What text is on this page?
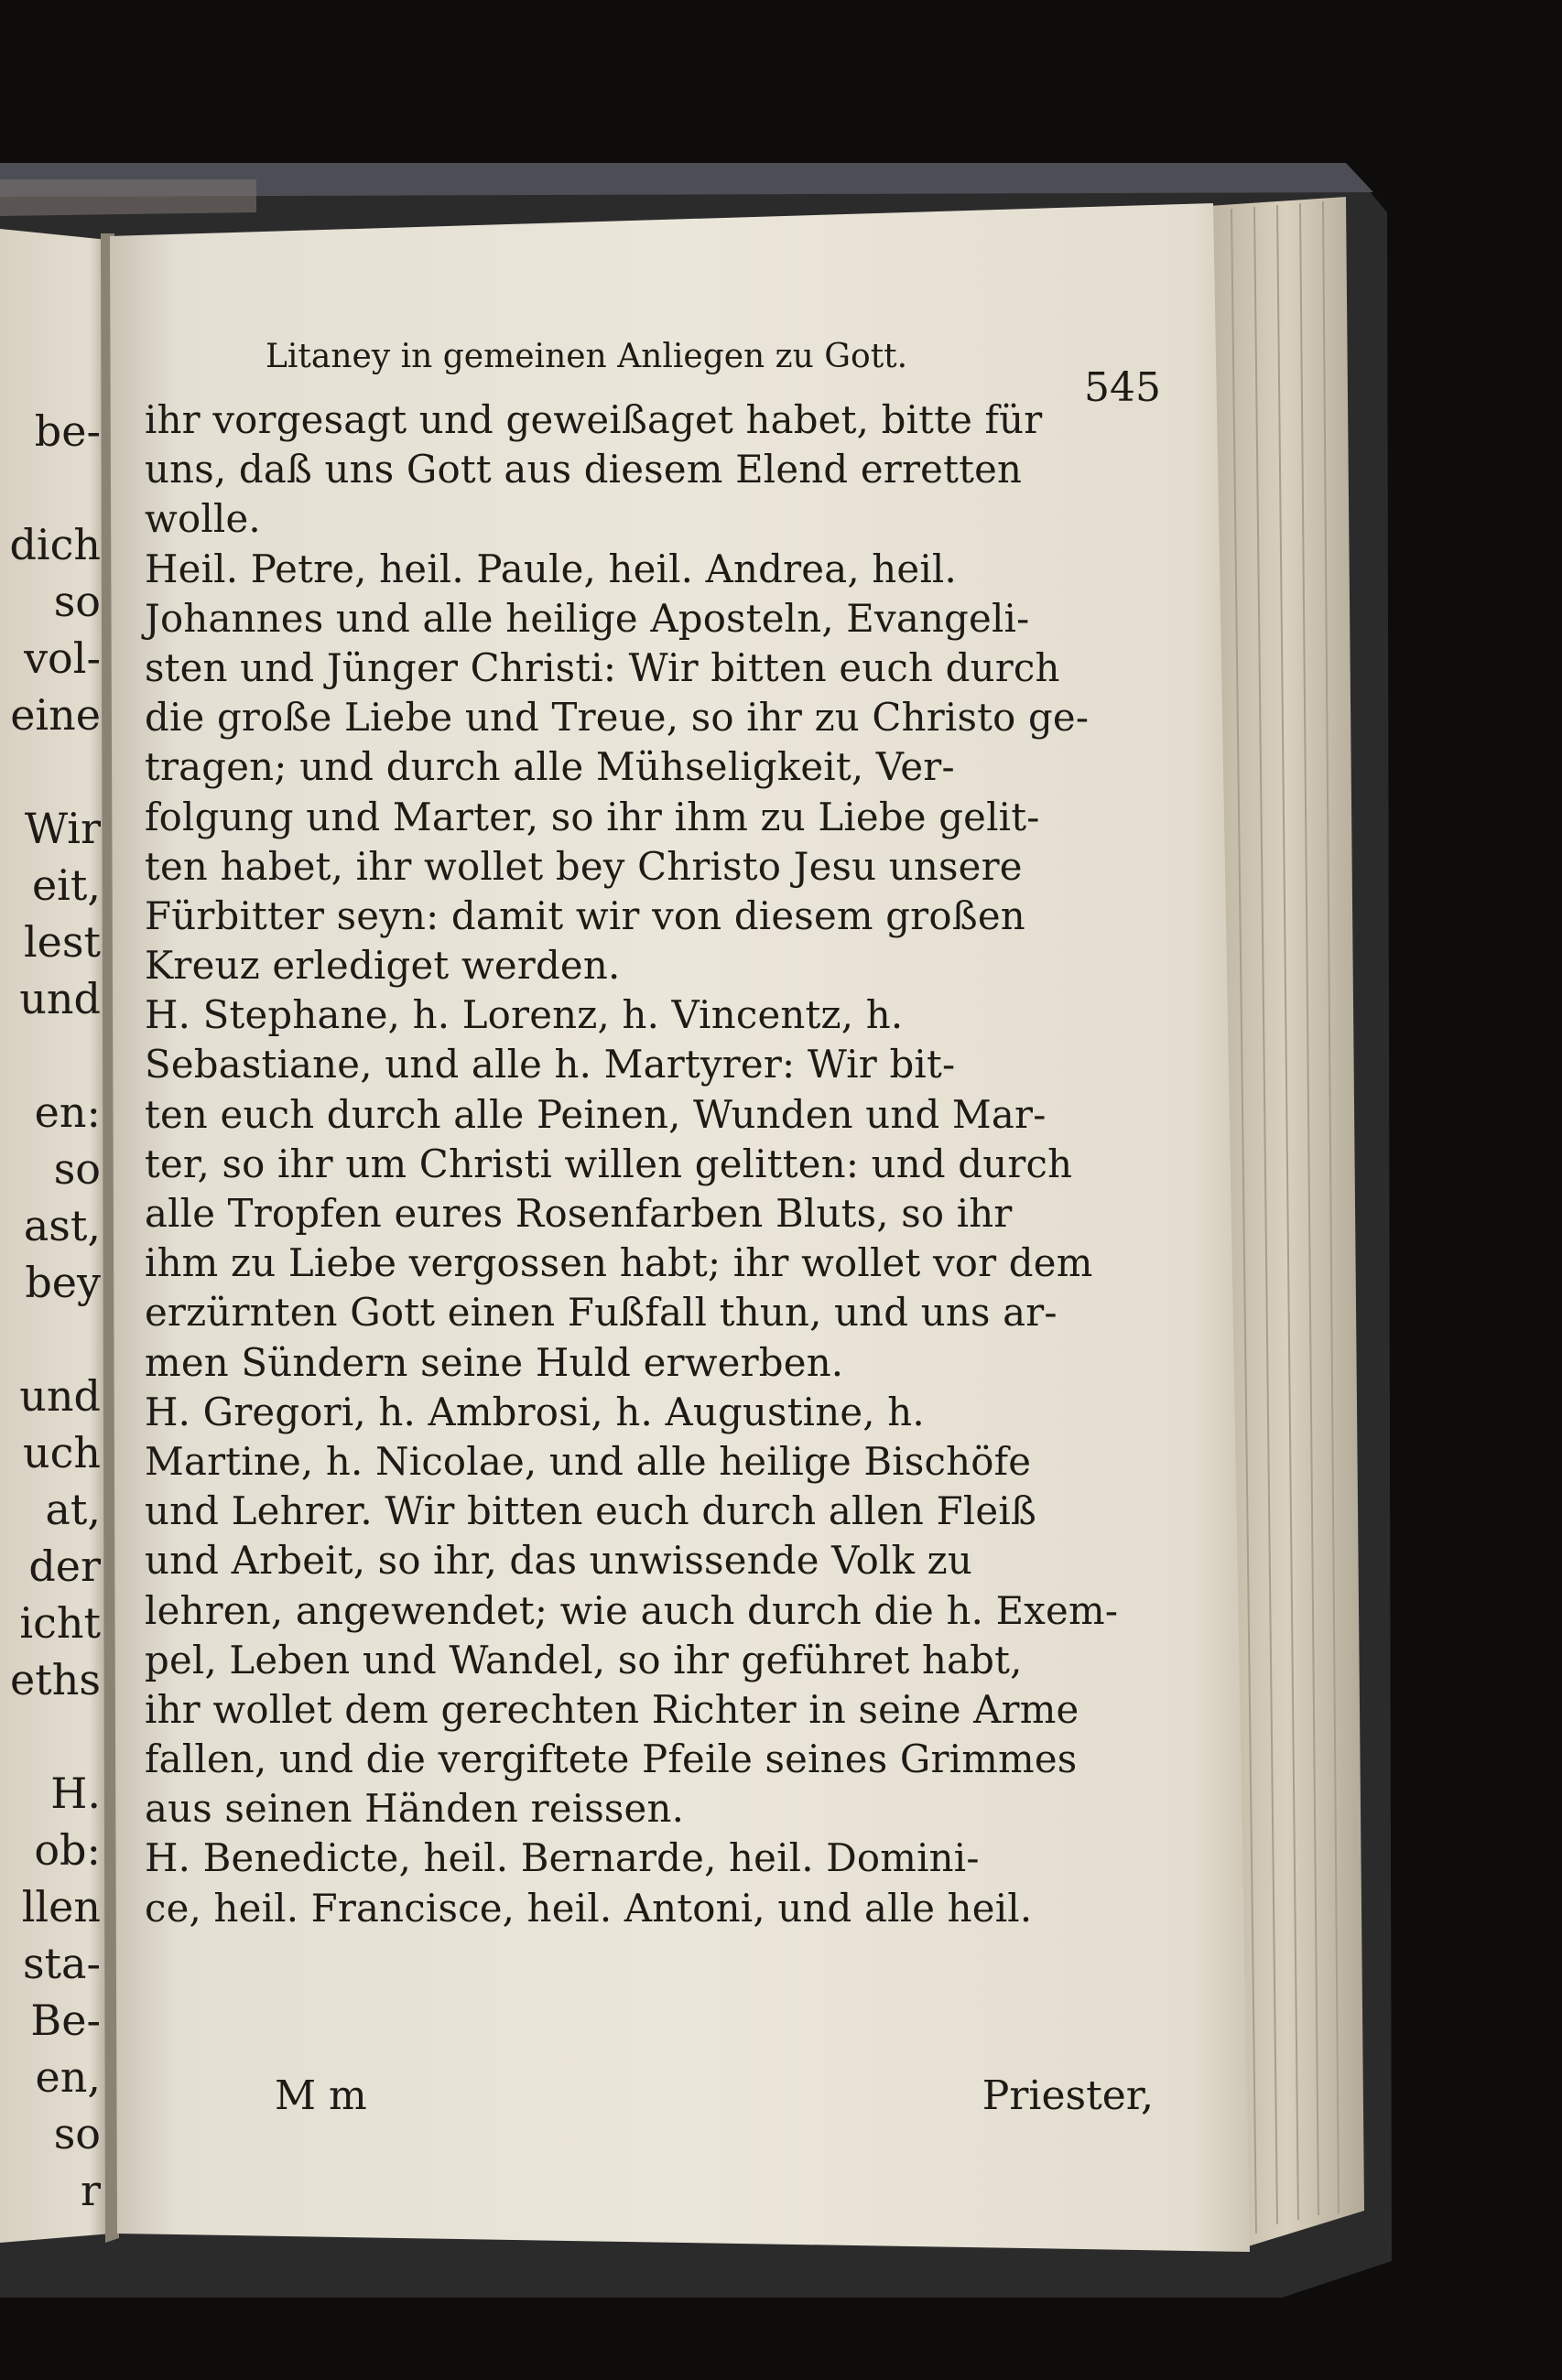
be-
dich
so
vol-
eine
Wir
eit,
lest
und
en:
so
ast,
bey
und
uch
at,
der
icht
eths
H.
ob:
llen
sta-
Be-
en,
so
r
Litaney in gemeinen Anliegen zu Gott.
545
ihr vorgesagt und geweißaget habet, bitte für
uns, daß uns Gott aus diesem Elend erretten
wolle.
Heil. Petre, heil. Paule, heil. Andrea, heil.
Johannes und alle heilige Aposteln, Evangeli-
sten und Jünger Christi: Wir bitten euch durch
die große Liebe und Treue, so ihr zu Christo ge-
tragen; und durch alle Mühseligkeit, Ver-
folgung und Marter, so ihr ihm zu Liebe gelit-
ten habet, ihr wollet bey Christo Jesu unsere
Fürbitter seyn: damit wir von diesem großen
Kreuz erlediget werden.
H. Stephane, h. Lorenz, h. Vincentz, h.
Sebastiane, und alle h. Martyrer: Wir bit-
ten euch durch alle Peinen, Wunden und Mar-
ter, so ihr um Christi willen gelitten: und durch
alle Tropfen eures Rosenfarben Bluts, so ihr
ihm zu Liebe vergossen habt; ihr wollet vor dem
erzürnten Gott einen Fußfall thun, und uns ar-
men Sündern seine Huld erwerben.
H. Gregori, h. Ambrosi, h. Augustine, h.
Martine, h. Nicolae, und alle heilige Bischöfe
und Lehrer. Wir bitten euch durch allen Fleiß
und Arbeit, so ihr, das unwissende Volk zu
lehren, angewendet; wie auch durch die h. Exem-
pel, Leben und Wandel, so ihr geführet habt,
ihr wollet dem gerechten Richter in seine Arme
fallen, und die vergiftete Pfeile seines Grimmes
aus seinen Händen reissen.
H. Benedicte, heil. Bernarde, heil. Domini-
ce, heil. Francisce, heil. Antoni, und alle heil.
M m	Priester,
